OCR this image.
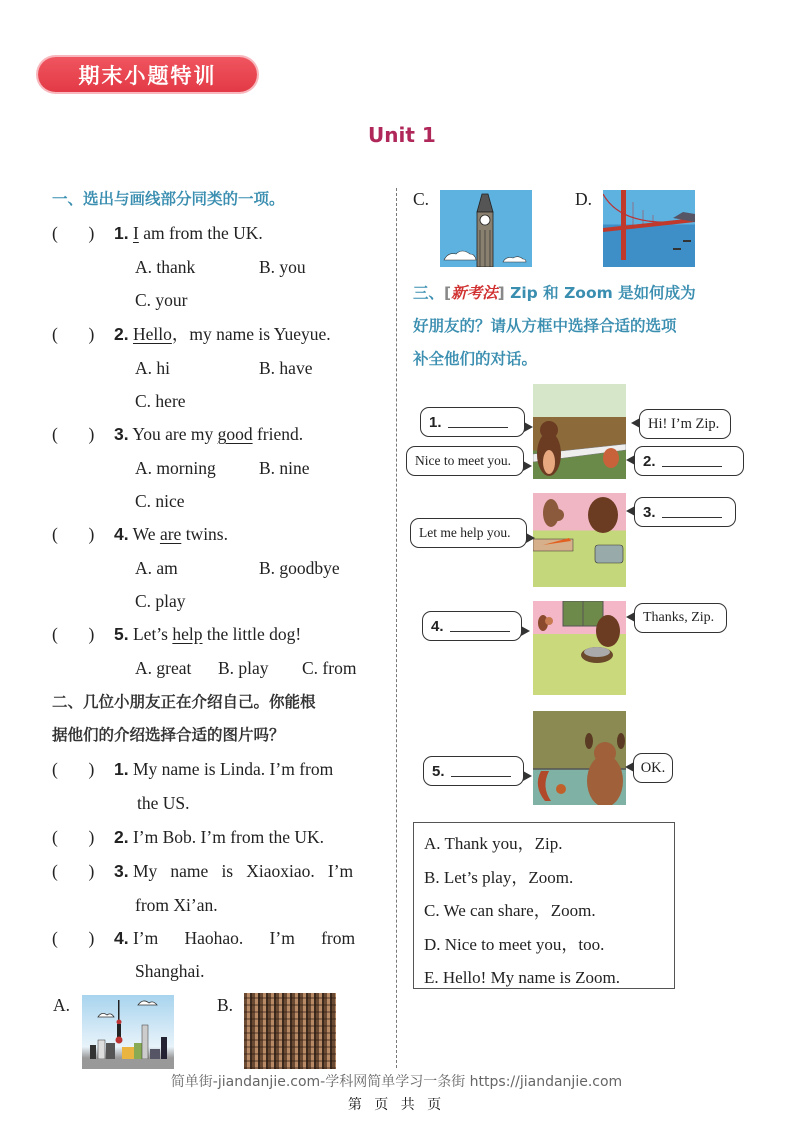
期末小题特训
Unit 1
一、选出与画线部分同类的一项。
(       ) 1. I am from the UK.
A. thank	B. you
C. your
(       ) 2. Hello，my name is Yueyue.
A. hi	B. have
C. here
(       ) 3. You are my good friend.
A. morning B. nine
C. nice
(       ) 4. We are twins.
A. am	B. goodbye
C. play
(       ) 5. Let’s help the little dog!
A. great B. play C. from
二、几位小朋友正在介绍自己。你能根
据他们的介绍选择合适的图片吗？
(       ) 1. My name is Linda. I’m from
the US.
(       ) 2. I’m Bob. I’m from the UK.
(       ) 3. My   name   is   Xiaoxiao.   I’m
from Xi’an.
(       ) 4. I’m      Haohao.      I’m      from
Shanghai.
A.	B.
C.	D.
三、[新考法] Zip 和 Zoom 是如何成为
好朋友的？请从方框中选择合适的选项
补全他们的对话。
1.	Hi! I’m Zip.
Nice to meet you.	2.
3.
Let me help you.
4.	Thanks, Zip.
5.	OK.
A. Thank you，Zip.
B. Let’s play，Zoom.
C. We can share，Zoom.
D. Nice to meet you，too.
E. Hello! My name is Zoom.
简单街-jiandanjie.com-学科网简单学习一条街 https://jiandanjie.com
第 页 共 页
